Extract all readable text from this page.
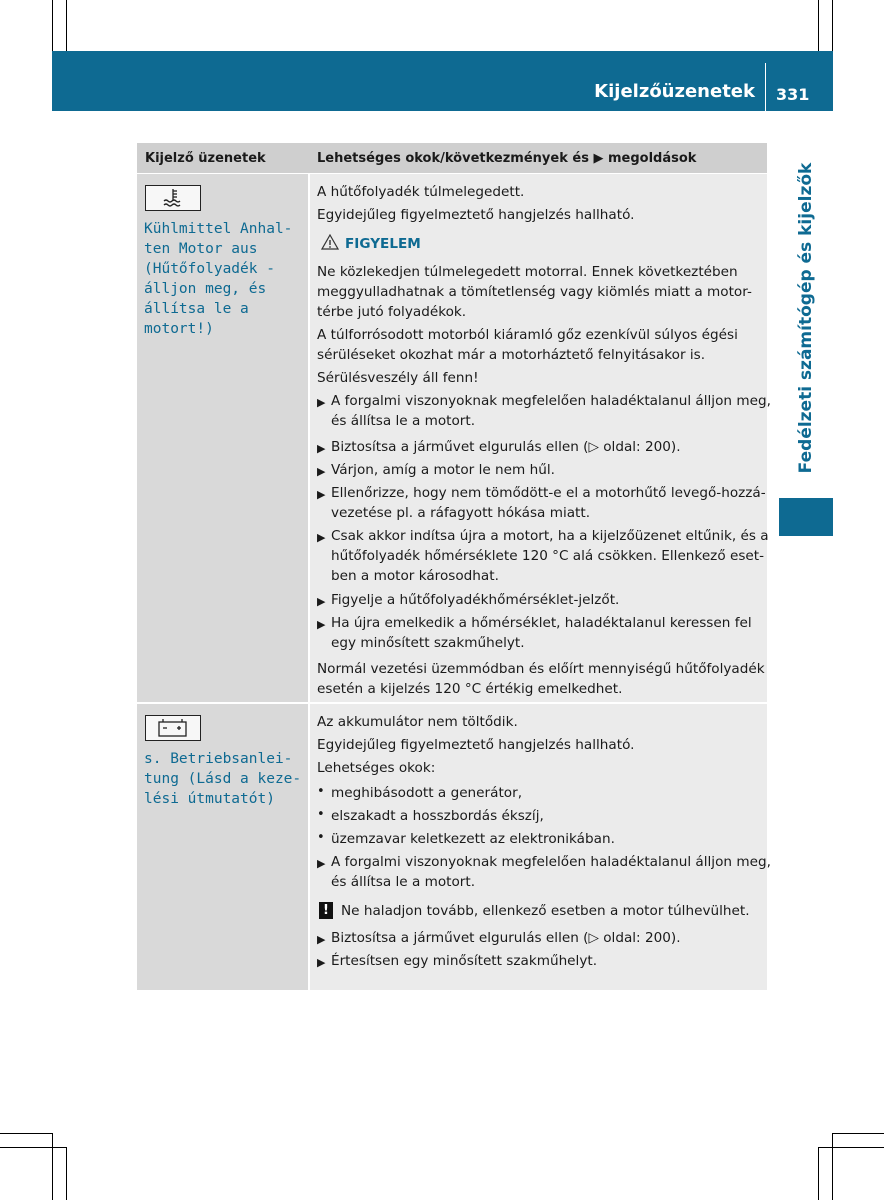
Kijelzőüzenetek 331
Fedélzeti számítógép és kijelzők
Kijelző üzenetek	Lehetséges okok/következmények és ▶ megoldások
Kühlmittel Anhal-
ten Motor aus
(Hűtőfolyadék -
álljon meg, és
állítsa le a
motort!)
A hűtőfolyadék túlmelegedett.
Egyidejűleg figyelmeztető hangjelzés hallható.
FIGYELEM
Ne közlekedjen túlmelegedett motorral. Ennek következtében
meggyulladhatnak a tömítetlenség vagy kiömlés miatt a motor-
térbe jutó folyadékok.
A túlforrósodott motorból kiáramló gőz ezenkívül súlyos égési
sérüléseket okozhat már a motorháztető felnyitásakor is.
Sérülésveszély áll fenn!
▶ A forgalmi viszonyoknak megfelelően haladéktalanul álljon meg,
és állítsa le a motort.
▶ Biztosítsa a járművet elgurulás ellen (▷ oldal: 200).
▶ Várjon, amíg a motor le nem hűl.
▶ Ellenőrizze, hogy nem tömődött-e el a motorhűtő levegő-hozzá-
vezetése pl. a ráfagyott hókása miatt.
▶ Csak akkor indítsa újra a motort, ha a kijelzőüzenet eltűnik, és a
hűtőfolyadék hőmérséklete 120 °C alá csökken. Ellenkező eset-
ben a motor károsodhat.
▶ Figyelje a hűtőfolyadékhőmérséklet-jelzőt.
▶ Ha újra emelkedik a hőmérséklet, haladéktalanul keressen fel
egy minősített szakműhelyt.
Normál vezetési üzemmódban és előírt mennyiségű hűtőfolyadék
esetén a kijelzés 120 °C értékig emelkedhet.
s. Betriebsanlei-
tung (Lásd a keze-
lési útmutatót)
Az akkumulátor nem töltődik.
Egyidejűleg figyelmeztető hangjelzés hallható.
Lehetséges okok:
• meghibásodott a generátor,
• elszakadt a hosszbordás ékszíj,
• üzemzavar keletkezett az elektronikában.
▶ A forgalmi viszonyoknak megfelelően haladéktalanul álljon meg,
és állítsa le a motort.
! Ne haladjon tovább, ellenkező esetben a motor túlhevülhet.
▶ Biztosítsa a járművet elgurulás ellen (▷ oldal: 200).
▶ Értesítsen egy minősített szakműhelyt.
